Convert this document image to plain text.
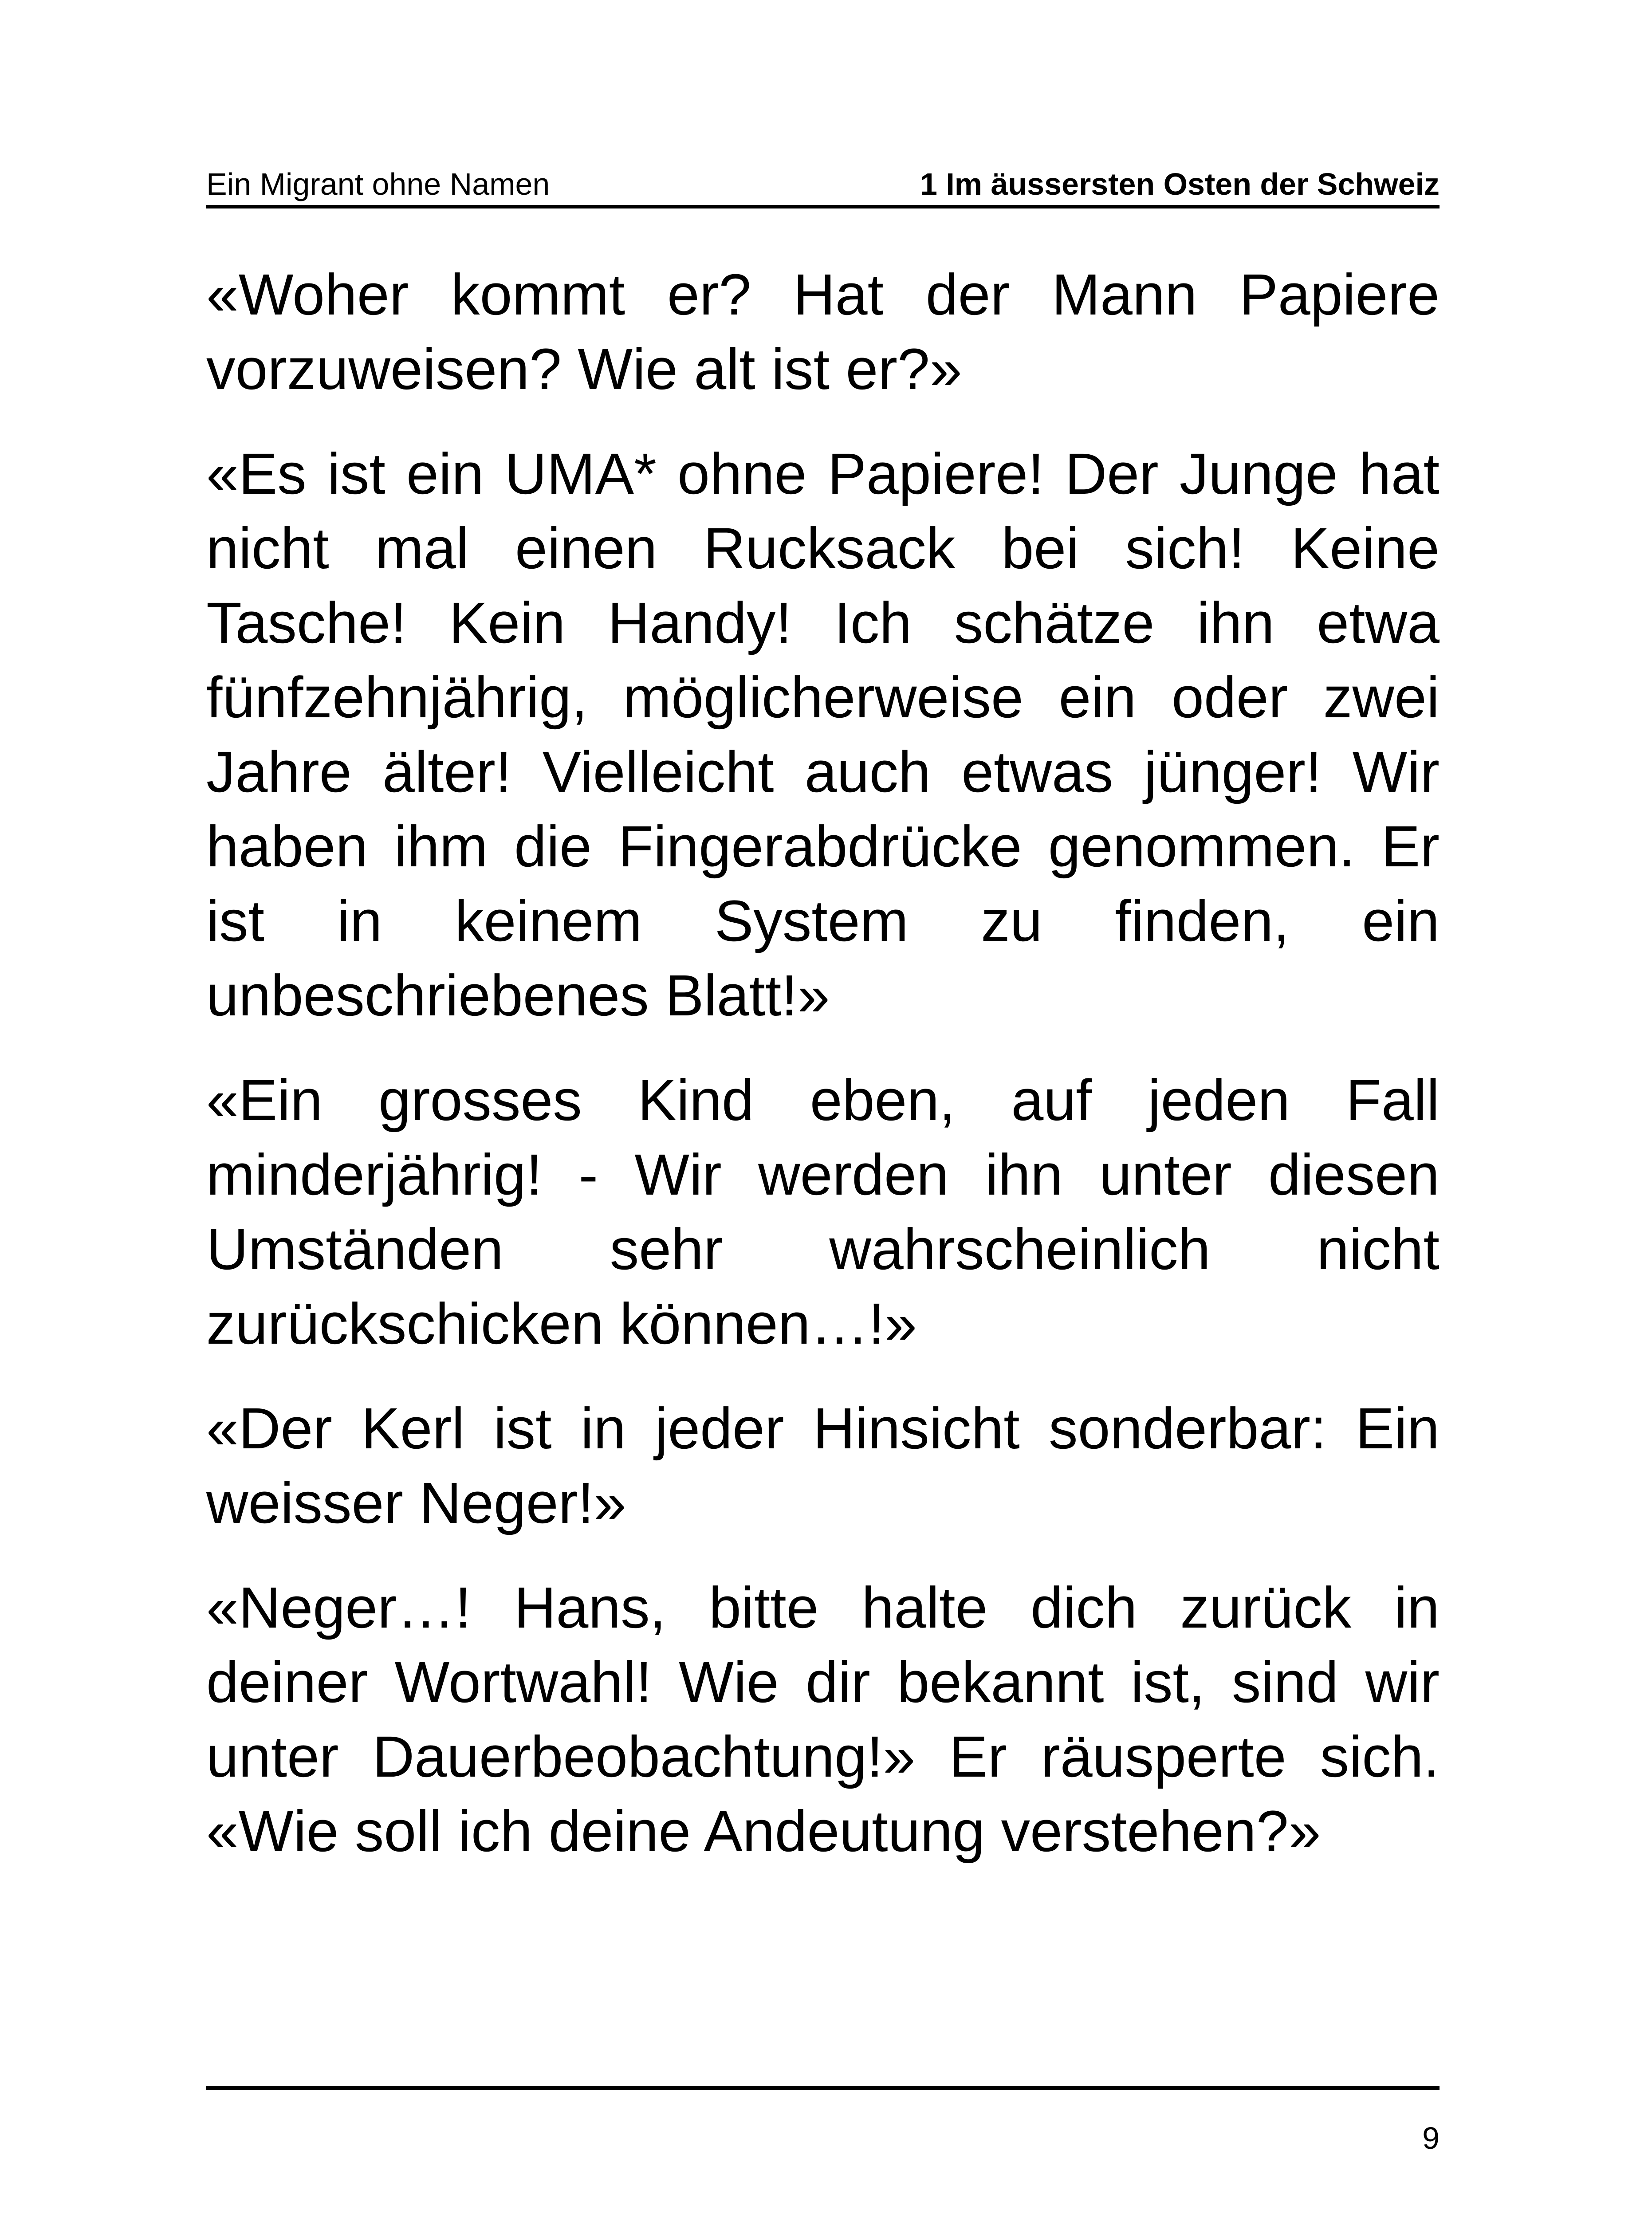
Ein Migrant ohne Namen	1 Im äussersten Osten der Schweiz

«Woher kommt er? Hat der Mann Papiere vorzuweisen? Wie alt ist er?»

«Es ist ein UMA* ohne Papiere! Der Junge hat nicht mal einen Rucksack bei sich! Keine Tasche! Kein Handy! Ich schätze ihn etwa fünfzehnjährig, möglicherweise ein oder zwei Jahre älter! Vielleicht auch etwas jünger! Wir haben ihm die Fingerabdrücke genommen. Er ist in keinem System zu finden, ein unbeschriebenes Blatt!»

«Ein grosses Kind eben, auf jeden Fall minderjährig! - Wir werden ihn unter diesen Umständen sehr wahrscheinlich nicht zurückschicken können…!»

«Der Kerl ist in jeder Hinsicht sonderbar: Ein weisser Neger!»

«Neger…! Hans, bitte halte dich zurück in deiner Wortwahl! Wie dir bekannt ist, sind wir unter Dauerbeobachtung!» Er räusperte sich. «Wie soll ich deine Andeutung verstehen?»

9
